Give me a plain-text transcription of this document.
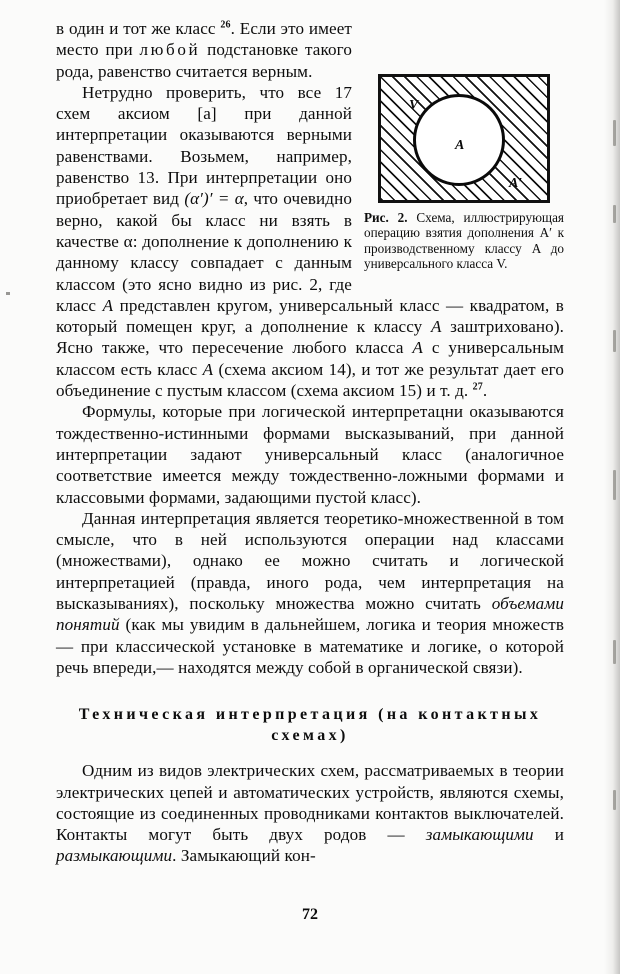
V
A
A′
Рис. 2. Схема, иллюстрирующая операцию взятия дополнения A′ к производственному классу A до универсального класса V.

в один и тот же класс $^{26}$. Если это имеет место при любой подстановке такого рода, равенство считается верным.

Нетрудно проверить, что все 17 схем аксиом [а] при данной интерпретации оказываются верными равенствами. Возьмем, например, равенство 13. При интерпретации оно приобретает вид (α′)′ = α, что очевидно верно, какой бы класс ни взять в качестве α: дополнение к дополнению к данному классу совпадает с данным классом (это ясно видно из рис. 2, где класс A представлен кругом, универсальный класс — квадратом, в который помещен круг, а дополнение к классу A заштриховано). Ясно также, что пересечение любого класса A с универсальным классом есть класс A (схема аксиом 14), и тот же результат дает его объединение с пустым классом (схема аксиом 15) и т. д. $^{27}$.

Формулы, которые при логической интерпретацни оказываются тождественно-истинными формами высказываний, при данной интерпретации задают универсальный класс (аналогичное соответствие имеется между тождественно-ложными формами и классовыми формами, задающими пустой класс).

Данная интерпретация является теоретико-множественной в том смысле, что в ней используются операции над классами (множествами), однако ее можно считать и логической интерпретацией (правда, иного рода, чем интерпретация на высказываниях), поскольку множества можно считать объемами понятий (как мы увидим в дальнейшем, логика и теория множеств — при классической установке в математике и логике, о которой речь впереди,— находятся между собой в органической связи).

Техническая интерпретация (на контактных
схемах)

Одним из видов электрических схем, рассматриваемых в теории электрических цепей и автоматических устройств, являются схемы, состоящие из соединенных проводниками контактов выключателей. Контакты могут быть двух родов — замыкающими и размыкающими. Замыкающий кон-

72
